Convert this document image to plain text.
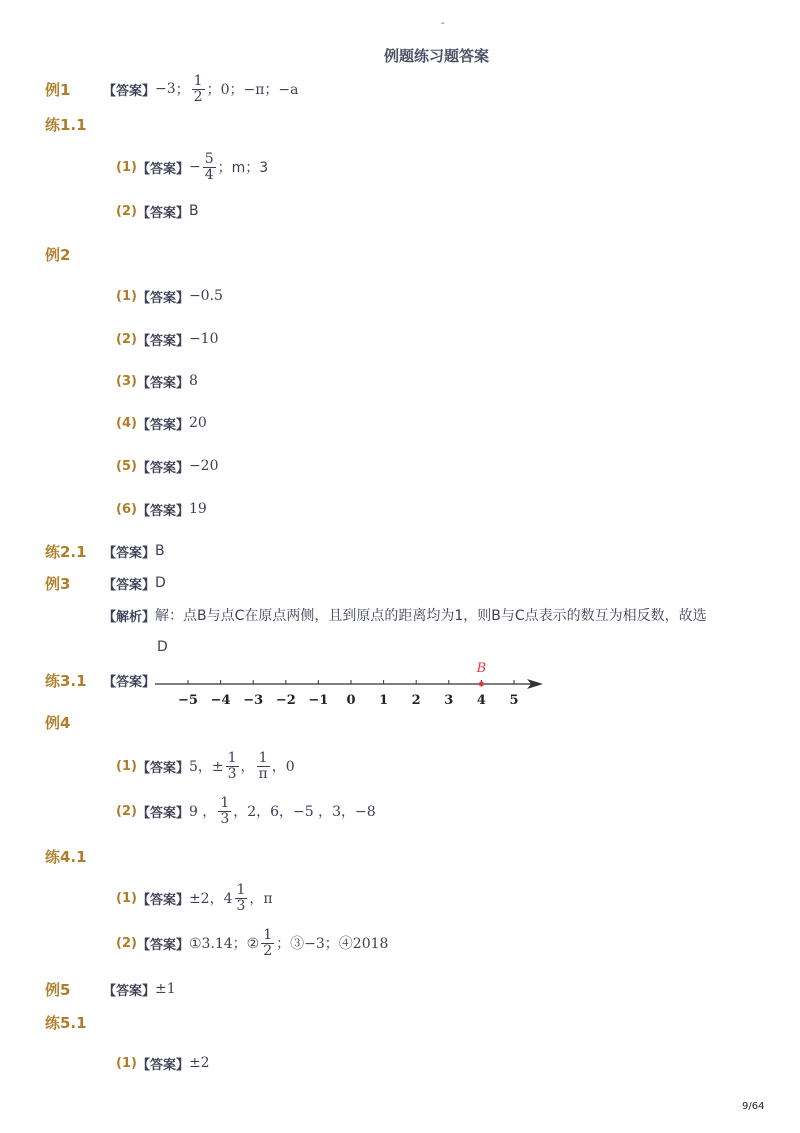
-
例题练习题答案
例1	【答案】 −3 ； $\frac{1}{2}$ ；0；−π；−a
练1.1
(1) 【答案】 − $\frac{5}{4}$ ；m；3
(2) 【答案】 B
例2
(1) 【答案】 −0.5
(2) 【答案】 −10
(3) 【答案】 8
(4) 【答案】 20
(5) 【答案】 −20
(6) 【答案】 19
练2.1 【答案】 B
例3	【答案】 D
【解析】 解：点B与点C在原点两侧，且到原点的距离均为1，则B与C点表示的数互为相反数，故选
D
练3.1 【答案】
−5 −4 −3 −2 −1 0 1 2 3 4 5
B
例4
(1) 【答案】 5，± $\frac{1}{3}$ ， $\frac{1}{\pi}$ ，0
(2) 【答案】 9 ， $\frac{1}{3}$ ，2，6，−5 ，3，−8
练4.1
(1) 【答案】 ±2，$4 \frac{1}{3}$ ，π
(2) 【答案】 ①3.14；② $\frac{1}{2}$ ；③−3；④2018
例5	【答案】 ±1
练5.1
(1) 【答案】 ±2
9/64
